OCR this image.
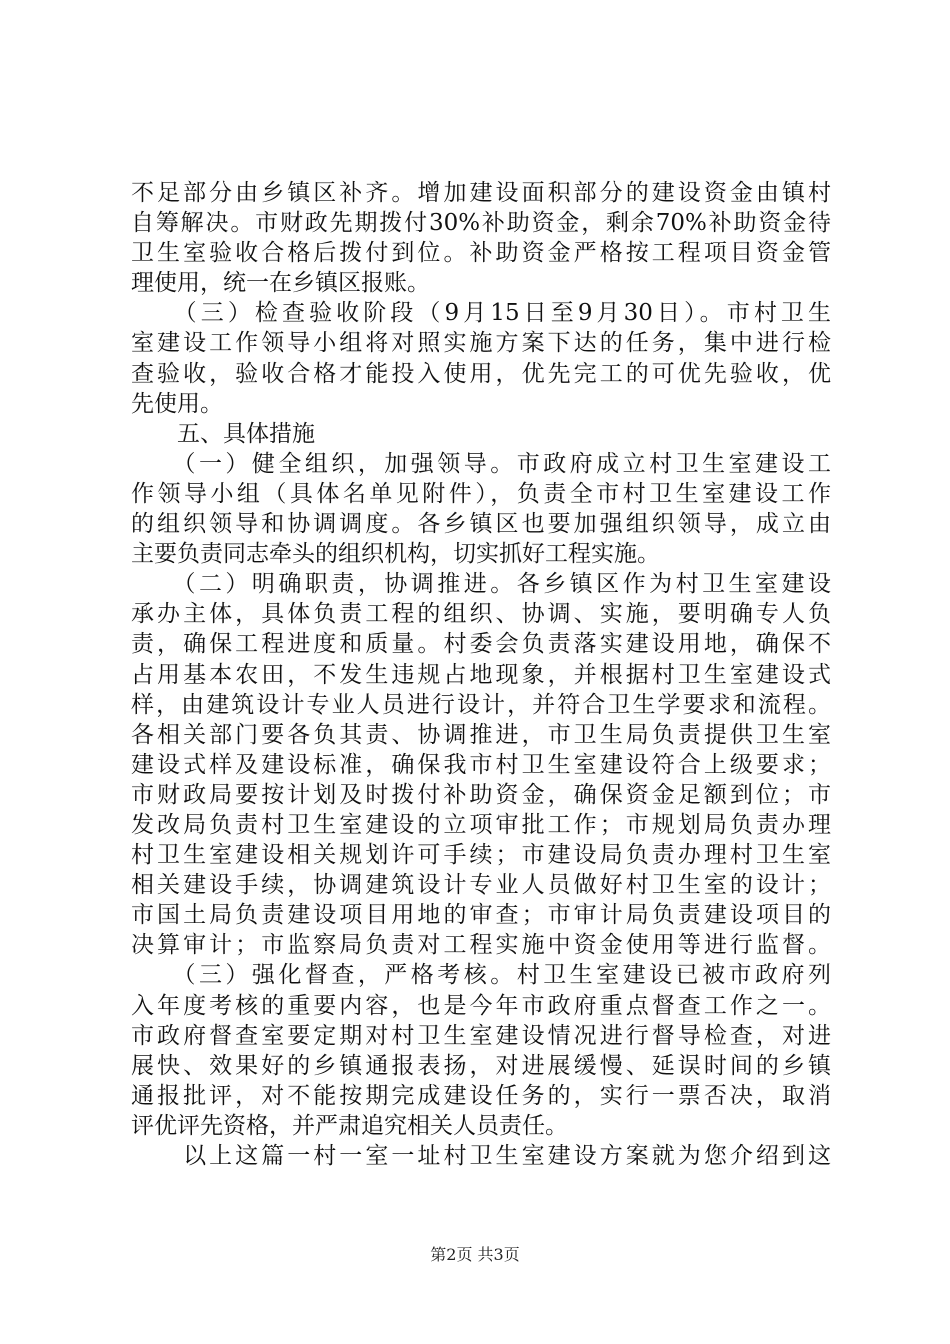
不足部分由乡镇区补齐。增加建设面积部分的建设资金由镇村
自筹解决。市财政先期拨付30%补助资金，剩余70%补助资金待
卫生室验收合格后拨付到位。补助资金严格按工程项目资金管
理使用，统一在乡镇区报账。
　　（三）检查验收阶段（9月15日至9月30日）。市村卫生
室建设工作领导小组将对照实施方案下达的任务，集中进行检
查验收，验收合格才能投入使用，优先完工的可优先验收，优
先使用。
　　五、具体措施
　　（一）健全组织，加强领导。市政府成立村卫生室建设工
作领导小组（具体名单见附件），负责全市村卫生室建设工作
的组织领导和协调调度。各乡镇区也要加强组织领导，成立由
主要负责同志牵头的组织机构，切实抓好工程实施。
　　（二）明确职责，协调推进。各乡镇区作为村卫生室建设
承办主体，具体负责工程的组织、协调、实施，要明确专人负
责，确保工程进度和质量。村委会负责落实建设用地，确保不
占用基本农田，不发生违规占地现象，并根据村卫生室建设式
样，由建筑设计专业人员进行设计，并符合卫生学要求和流程。
各相关部门要各负其责、协调推进，市卫生局负责提供卫生室
建设式样及建设标准，确保我市村卫生室建设符合上级要求；
市财政局要按计划及时拨付补助资金，确保资金足额到位；市
发改局负责村卫生室建设的立项审批工作；市规划局负责办理
村卫生室建设相关规划许可手续；市建设局负责办理村卫生室
相关建设手续，协调建筑设计专业人员做好村卫生室的设计；
市国土局负责建设项目用地的审查；市审计局负责建设项目的
决算审计；市监察局负责对工程实施中资金使用等进行监督。
　　（三）强化督查，严格考核。村卫生室建设已被市政府列
入年度考核的重要内容，也是今年市政府重点督查工作之一。
市政府督查室要定期对村卫生室建设情况进行督导检查，对进
展快、效果好的乡镇通报表扬，对进展缓慢、延误时间的乡镇
通报批评，对不能按期完成建设任务的，实行一票否决，取消
评优评先资格，并严肃追究相关人员责任。
　　以上这篇一村一室一址村卫生室建设方案就为您介绍到这
第2页 共3页
